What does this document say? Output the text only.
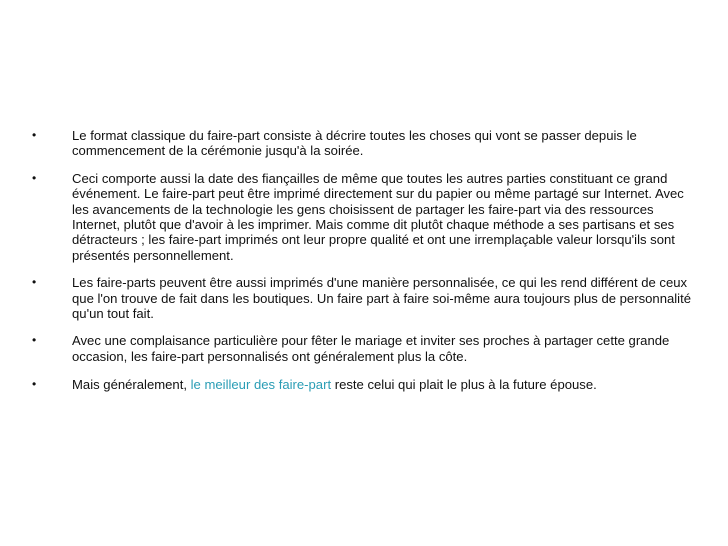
•	Le format classique du faire-part consiste à décrire toutes les choses qui vont se passer depuis le commencement de la cérémonie jusqu'à la soirée.
•	Ceci comporte aussi la date des fiançailles de même que toutes les autres parties constituant ce grand événement. Le faire-part peut être imprimé directement sur du papier ou même partagé sur Internet. Avec les avancements de la technologie les gens choisissent de partager les faire-part via des ressources Internet, plutôt que d'avoir à les imprimer. Mais comme dit plutôt chaque méthode a ses partisans et ses détracteurs ; les faire-part imprimés ont leur propre qualité et ont une irremplaçable valeur lorsqu'ils sont présentés personnellement.
•	Les faire-parts peuvent être aussi imprimés d'une manière personnalisée, ce qui les rend différent de ceux que l'on trouve de fait dans les boutiques. Un faire part à faire soi-même aura toujours plus de personnalité qu'un tout fait.
•	Avec une complaisance particulière pour fêter le mariage et inviter ses proches à partager cette grande occasion, les faire-part personnalisés ont généralement plus la côte.
•	Mais généralement, le meilleur des faire-part reste celui qui plait le plus à la future épouse.
